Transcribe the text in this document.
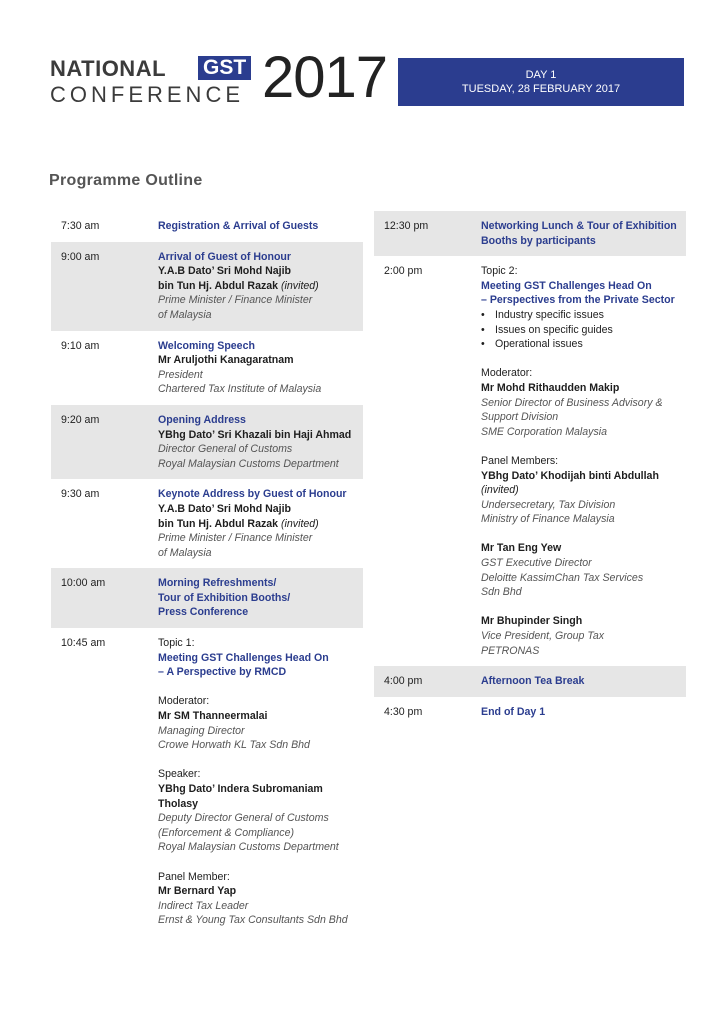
NATIONAL GST
CONFERENCE 2017	DAY 1
TUESDAY, 28 FEBRUARY 2017
Programme Outline
7:30 am	Registration & Arrival of Guests
9:00 am	Arrival of Guest of Honour
Y.A.B Dato’ Sri Mohd Najib
bin Tun Hj. Abdul Razak (invited)
Prime Minister / Finance Minister
of Malaysia
9:10 am	Welcoming Speech
Mr Aruljothi Kanagaratnam
President
Chartered Tax Institute of Malaysia
9:20 am	Opening Address
YBhg Dato’ Sri Khazali bin Haji Ahmad
Director General of Customs
Royal Malaysian Customs Department
9:30 am	Keynote Address by Guest of Honour
Y.A.B Dato’ Sri Mohd Najib
bin Tun Hj. Abdul Razak (invited)
Prime Minister / Finance Minister
of Malaysia
10:00 am	Morning Refreshments/
Tour of Exhibition Booths/
Press Conference
10:45 am	Topic 1:
Meeting GST Challenges Head On
– A Perspective by RMCD
Moderator:
Mr SM Thanneermalai
Managing Director
Crowe Horwath KL Tax Sdn Bhd
Speaker:
YBhg Dato’ Indera Subromaniam Tholasy
Deputy Director General of Customs
(Enforcement & Compliance)
Royal Malaysian Customs Department
Panel Member:
Mr Bernard Yap
Indirect Tax Leader
Ernst & Young Tax Consultants Sdn Bhd
12:30 pm	Networking Lunch & Tour of Exhibition
Booths by participants
2:00 pm	Topic 2:
Meeting GST Challenges Head On
– Perspectives from the Private Sector
• Industry specific issues
• Issues on specific guides
• Operational issues
Moderator:
Mr Mohd Rithaudden Makip
Senior Director of Business Advisory &
Support Division
SME Corporation Malaysia
Panel Members:
YBhg Dato’ Khodijah binti Abdullah
(invited)
Undersecretary, Tax Division
Ministry of Finance Malaysia
Mr Tan Eng Yew
GST Executive Director
Deloitte KassimChan Tax Services
Sdn Bhd
Mr Bhupinder Singh
Vice President, Group Tax
PETRONAS
4:00 pm	Afternoon Tea Break
4:30 pm	End of Day 1
